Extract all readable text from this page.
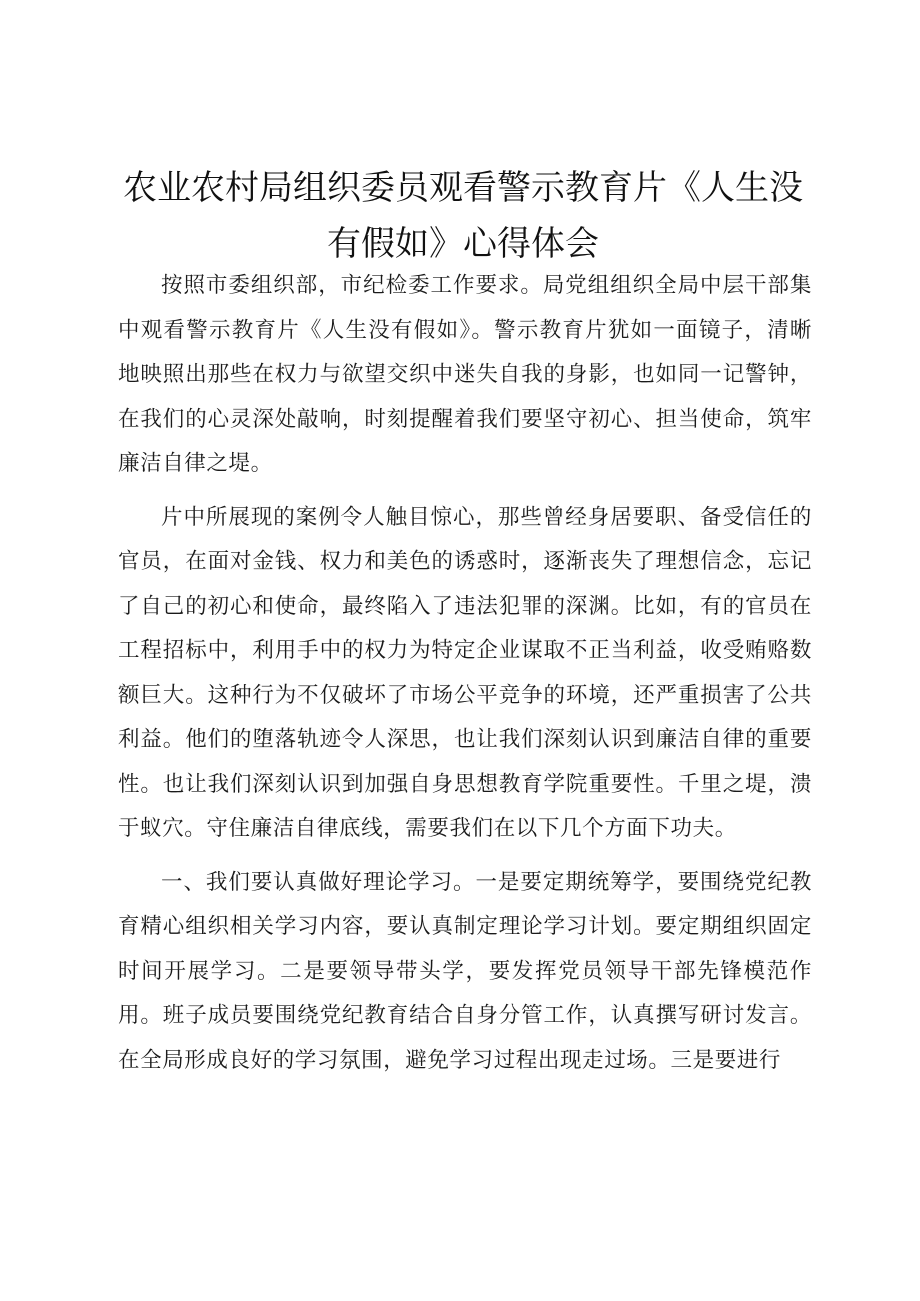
农业农村局组织委员观看警示教育片《人生没有假如》心得体会

按照市委组织部，市纪检委工作要求。局党组组织全局中层干部集中观看警示教育片《人生没有假如》。警示教育片犹如一面镜子，清晰地映照出那些在权力与欲望交织中迷失自我的身影，也如同一记警钟，在我们的心灵深处敲响，时刻提醒着我们要坚守初心、担当使命，筑牢廉洁自律之堤。

片中所展现的案例令人触目惊心，那些曾经身居要职、备受信任的官员，在面对金钱、权力和美色的诱惑时，逐渐丧失了理想信念，忘记了自己的初心和使命，最终陷入了违法犯罪的深渊。比如，有的官员在工程招标中，利用手中的权力为特定企业谋取不正当利益，收受贿赂数额巨大。这种行为不仅破坏了市场公平竞争的环境，还严重损害了公共利益。他们的堕落轨迹令人深思，也让我们深刻认识到廉洁自律的重要性。也让我们深刻认识到加强自身思想教育学院重要性。千里之堤，溃于蚁穴。守住廉洁自律底线，需要我们在以下几个方面下功夫。

一、我们要认真做好理论学习。一是要定期统筹学，要围绕党纪教育精心组织相关学习内容，要认真制定理论学习计划。要定期组织固定时间开展学习。二是要领导带头学，要发挥党员领导干部先锋模范作用。班子成员要围绕党纪教育结合自身分管工作，认真撰写研讨发言。在全局形成良好的学习氛围，避免学习过程出现走过场。三是要进行
